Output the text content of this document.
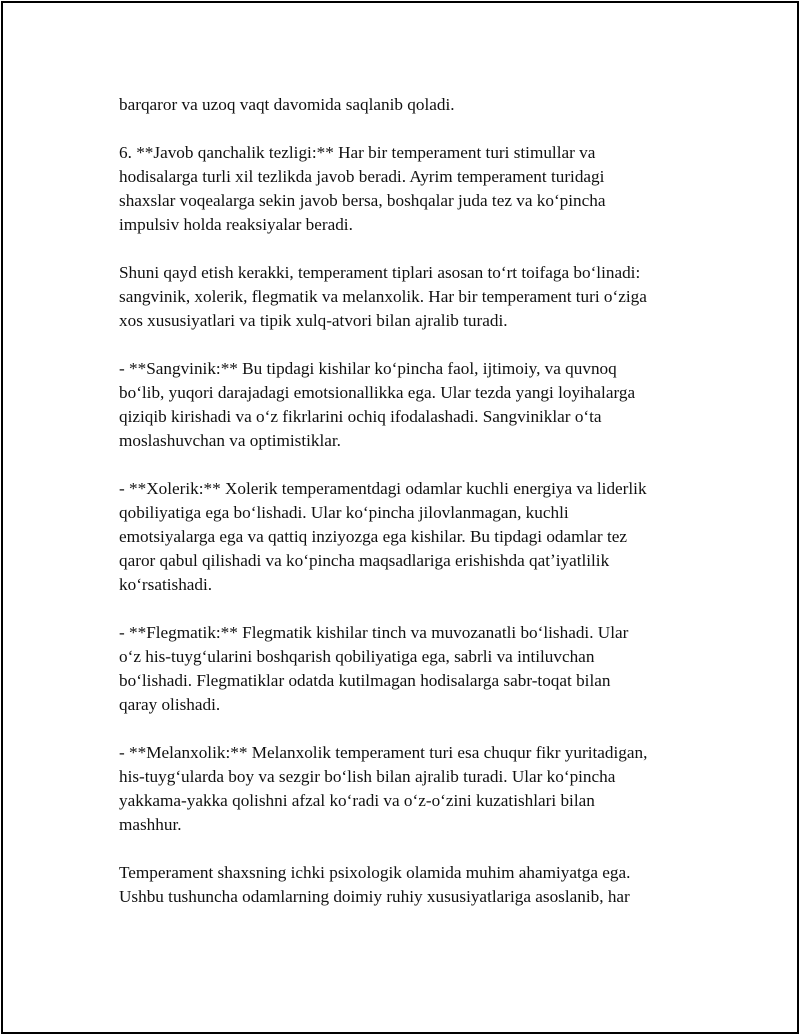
barqaror va uzoq vaqt davomida saqlanib qoladi.

6. **Javob qanchalik tezligi:** Har bir temperament turi stimullar va
hodisalarga turli xil tezlikda javob beradi. Ayrim temperament turidagi
shaxslar voqealarga sekin javob bersa, boshqalar juda tez va koʻpincha
impulsiv holda reaksiyalar beradi.

Shuni qayd etish kerakki, temperament tiplari asosan toʻrt toifaga boʻlinadi:
sangvinik, xolerik, flegmatik va melanxolik. Har bir temperament turi oʻziga
xos xususiyatlari va tipik xulq-atvori bilan ajralib turadi.

- **Sangvinik:** Bu tipdagi kishilar koʻpincha faol, ijtimoiy, va quvnoq
boʻlib, yuqori darajadagi emotsionallikka ega. Ular tezda yangi loyihalarga
qiziqib kirishadi va oʻz fikrlarini ochiq ifodalashadi. Sangviniklar oʻta
moslashuvchan va optimistiklar.

- **Xolerik:** Xolerik temperamentdagi odamlar kuchli energiya va liderlik
qobiliyatiga ega boʻlishadi. Ular koʻpincha jilovlanmagan, kuchli
emotsiyalarga ega va qattiq inziyozga ega kishilar. Bu tipdagi odamlar tez
qaror qabul qilishadi va koʻpincha maqsadlariga erishishda qatʼiyatlilik
koʻrsatishadi.

- **Flegmatik:** Flegmatik kishilar tinch va muvozanatli boʻlishadi. Ular
oʻz his-tuygʻularini boshqarish qobiliyatiga ega, sabrli va intiluvchan
boʻlishadi. Flegmatiklar odatda kutilmagan hodisalarga sabr-toqat bilan
qaray olishadi.

- **Melanxolik:** Melanxolik temperament turi esa chuqur fikr yuritadigan,
his-tuygʻularda boy va sezgir boʻlish bilan ajralib turadi. Ular koʻpincha
yakkama-yakka qolishni afzal koʻradi va oʻz-oʻzini kuzatishlari bilan
mashhur.

Temperament shaxsning ichki psixologik olamida muhim ahamiyatga ega.
Ushbu tushuncha odamlarning doimiy ruhiy xususiyatlariga asoslanib, har
